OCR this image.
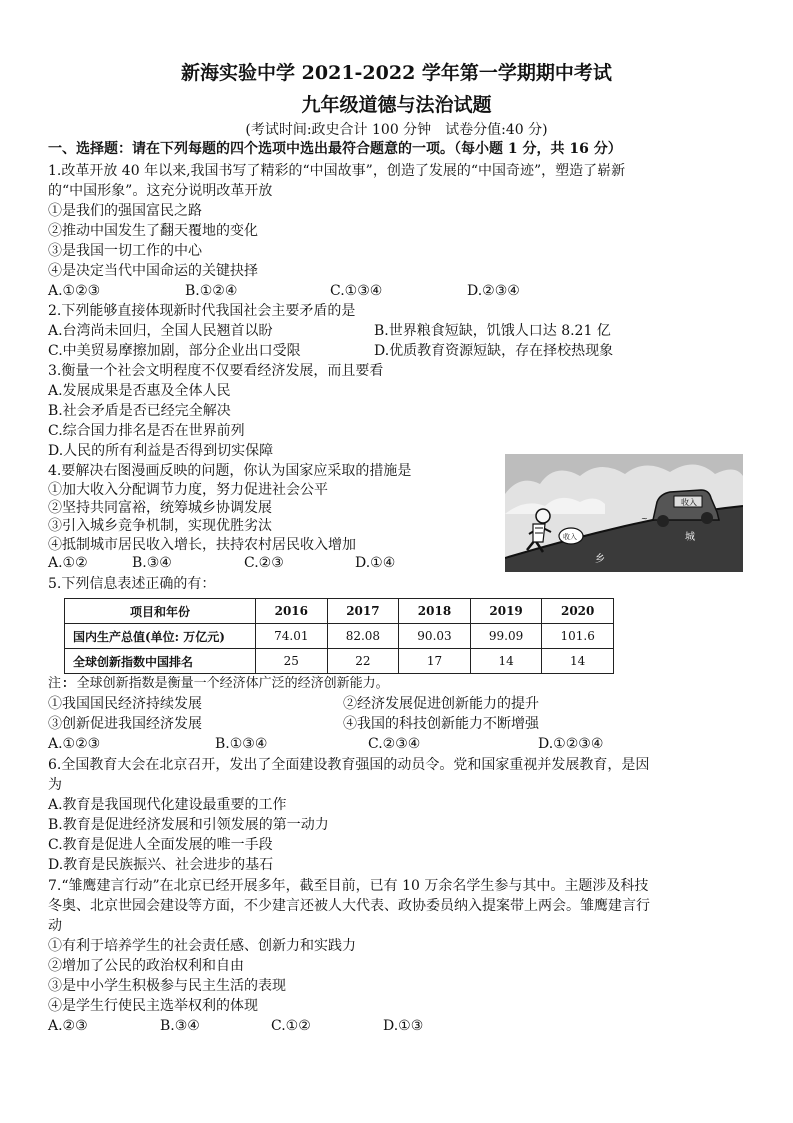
新海实验中学 2021-2022 学年第一学期期中考试
九年级道德与法治试题
(考试时间:政史合计 100 分钟　试卷分值:40 分)
一、选择题：请在下列每题的四个选项中选出最符合题意的一项。（每小题 1 分，共 16 分）
1.改革开放 40 年以来,我国书写了精彩的“中国故事”，创造了发展的“中国奇迹”，塑造了崭新
的“中国形象”。这充分说明改革开放
①是我们的强国富民之路
②推动中国发生了翻天覆地的变化
③是我国一切工作的中心
④是决定当代中国命运的关键抉择
A.①②③	B.①②④	C.①③④	D.②③④
2.下列能够直接体现新时代我国社会主要矛盾的是
A.台湾尚未回归，全国人民翘首以盼	B.世界粮食短缺，饥饿人口达 8.21 亿
C.中美贸易摩擦加剧，部分企业出口受限	D.优质教育资源短缺，存在择校热现象
3.衡量一个社会文明程度不仅要看经济发展，而且要看
A.发展成果是否惠及全体人民
B.社会矛盾是否已经完全解决
C.综合国力排名是否在世界前列
D.人民的所有利益是否得到切实保障
4.要解决右图漫画反映的问题，你认为国家应采取的措施是
①加大收入分配调节力度，努力促进社会公平
②坚持共同富裕，统筹城乡协调发展
③引入城乡竞争机制，实现优胜劣汰
④抵制城市居民收入增长，扶持农村居民收入增加
A.①②	B.③④	C.②③	D.①④
收入
~
收入	城
乡
5.下列信息表述正确的有：
项目和年份	2016	2017	2018	2019	2020
国内生产总值(单位: 万亿元)	74.01	82.08	90.03	99.09	101.6
全球创新指数中国排名	25	22	17	14	14
注: 全球创新指数是衡量一个经济体广泛的经济创新能力。
①我国国民经济持续发展	②经济发展促进创新能力的提升
③创新促进我国经济发展	④我国的科技创新能力不断增强
A.①②③	B.①③④	C.②③④	D.①②③④
6.全国教育大会在北京召开，发出了全面建设教育强国的动员令。党和国家重视并发展教育，是因
为
A.教育是我国现代化建设最重要的工作
B.教育是促进经济发展和引领发展的第一动力
C.教育是促进人全面发展的唯一手段
D.教育是民族振兴、社会进步的基石
7.“雏鹰建言行动”在北京已经开展多年，截至目前，已有 10 万余名学生参与其中。主题涉及科技
冬奥、北京世园会建设等方面，不少建言还被人大代表、政协委员纳入提案带上两会。雏鹰建言行
动
①有利于培养学生的社会责任感、创新力和实践力
②增加了公民的政治权利和自由
③是中小学生积极参与民主生活的表现
④是学生行使民主选举权利的体现
A.②③	B.③④	C.①②	D.①③
